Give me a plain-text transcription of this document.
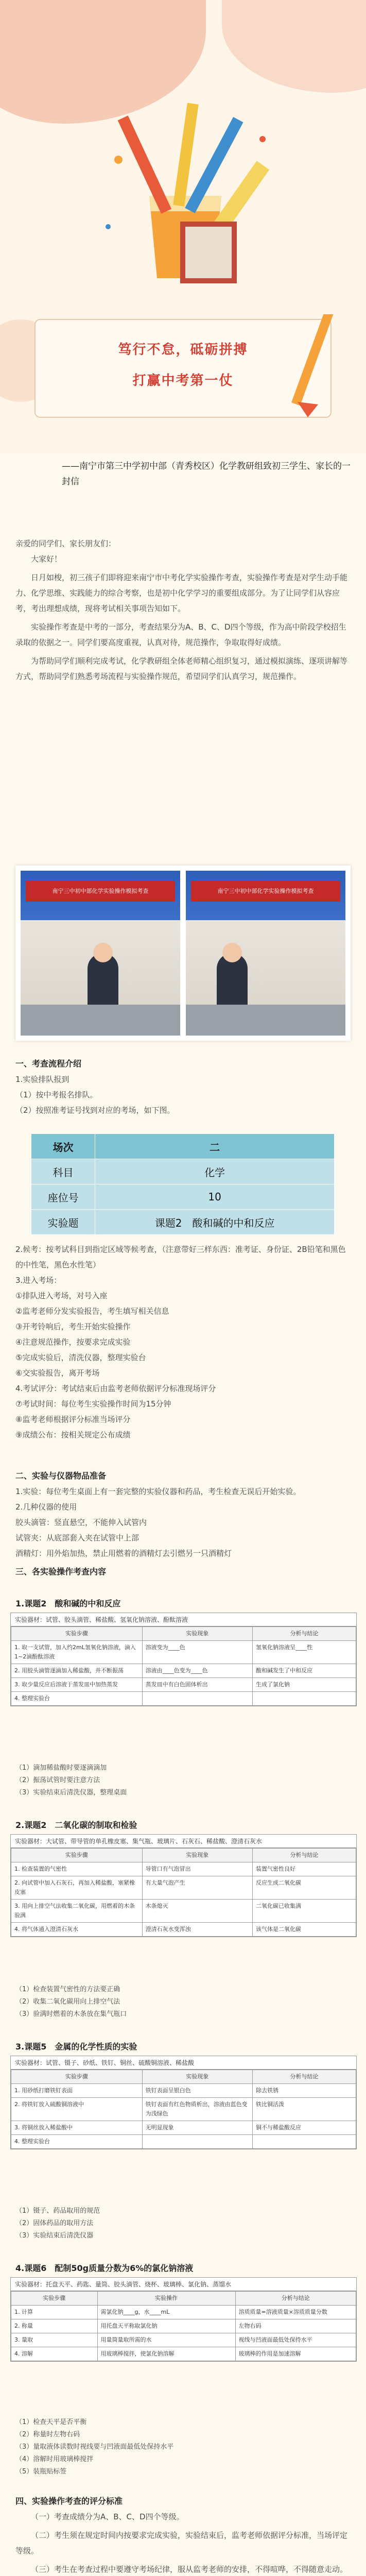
笃行不怠，砥砺拼搏
打赢中考第一仗

——南宁市第三中学初中部（青秀校区）化学教研组致初三学生、家长的一封信

亲爱的同学们、家长朋友们：

大家好！

日月如梭，初三孩子们即将迎来南宁市中考化学实验操作考查，实验操作考查是对学生动手能力、化学思维、实践能力的综合考察，也是初中化学学习的重要组成部分。为了让同学们从容应考，考出理想成绩，现将考试相关事项告知如下。

实验操作考查是中考的一部分，考查结果分为A、B、C、D四个等级，作为高中阶段学校招生录取的依据之一。同学们要高度重视，认真对待，规范操作，争取取得好成绩。

为帮助同学们顺利完成考试，化学教研组全体老师精心组织复习，通过模拟演练、逐项讲解等方式，帮助同学们熟悉考场流程与实验操作规范，希望同学们认真学习，规范操作。

南宁三中初中部化学实验操作模拟考查	南宁三中初中部化学实验操作模拟考查

一、考查流程介绍

1.实验排队报到

（1）按中考报名排队。

（2）按照准考证号找到对应的考场，如下图。

场次	二
科目	化学
座位号	10
实验题	课题2　酸和碱的中和反应

2.候考：按考试科目到指定区域等候考查，（注意带好三样东西：准考证、身份证、2B铅笔和黑色的中性笔，黑色水性笔）

3.进入考场：

①排队进入考场，对号入座

②监考老师分发实验报告，考生填写相关信息

③开考铃响后，考生开始实验操作

④注意规范操作，按要求完成实验

⑤完成实验后，清洗仪器，整理实验台

⑥交实验报告，离开考场

4.考试评分：考试结束后由监考老师依据评分标准现场评分

⑦考试时间：每位考生实验操作时间为15分钟

⑧监考老师根据评分标准当场评分

⑨成绩公布：按相关规定公布成绩

二、实验与仪器物品准备

1.实验：每位考生桌面上有一套完整的实验仪器和药品，考生检查无误后开始实验。

2.几种仪器的使用

胶头滴管：竖直悬空，不能伸入试管内

试管夹：从底部套入夹在试管中上部

酒精灯：用外焰加热，禁止用燃着的酒精灯去引燃另一只酒精灯

三、各实验操作考查内容

1.课题2　酸和碱的中和反应
实验器材：试管、胶头滴管、稀盐酸、氢氧化钠溶液、酚酞溶液
实验步骤	实验现象	分析与结论
1. 取一支试管，加入约2mL氢氧化钠溶液，滴入1~2滴酚酞溶液	溶液变为____色	氢氧化钠溶液呈____性
2. 用胶头滴管逐滴加入稀盐酸，并不断振荡	溶液由____色变为____色	酸和碱发生了中和反应
3. 取少量反应后溶液于蒸发皿中加热蒸发	蒸发皿中有白色固体析出	生成了氯化钠
4. 整理实验台		
（1）滴加稀盐酸时要逐滴滴加
（2）振荡试管时要注意方法
（3）实验结束后清洗仪器，整理桌面
2.课题2　二氧化碳的制取和检验
实验器材：大试管、带导管的单孔橡皮塞、集气瓶、玻璃片、石灰石、稀盐酸、澄清石灰水
实验步骤	实验现象	分析与结论
1. 检查装置的气密性	导管口有气泡冒出	装置气密性良好
2. 向试管中加入石灰石，再加入稀盐酸，塞紧橡皮塞	有大量气泡产生	反应生成二氧化碳
3. 用向上排空气法收集二氧化碳，用燃着的木条验满	木条熄灭	二氧化碳已收集满
4. 将气体通入澄清石灰水	澄清石灰水变浑浊	该气体是二氧化碳
（1）检查装置气密性的方法要正确
（2）收集二氧化碳用向上排空气法
（3）验满时燃着的木条放在集气瓶口
3.课题5　金属的化学性质的实验
实验器材：试管、镊子、砂纸、铁钉、铜丝、硫酸铜溶液、稀盐酸
实验步骤	实验现象	分析与结论
1. 用砂纸打磨铁钉表面	铁钉表面呈银白色	除去铁锈
2. 将铁钉放入硫酸铜溶液中	铁钉表面有红色物质析出，溶液由蓝色变为浅绿色	铁比铜活泼
3. 将铜丝放入稀盐酸中	无明显现象	铜不与稀盐酸反应
4. 整理实验台		
（1）镊子、药品取用的规范
（2）固体药品的取用方法
（3）实验结束后清洗仪器
4.课题6　配制50g质量分数为6%的氯化钠溶液
实验器材：托盘天平、药匙、量筒、胶头滴管、烧杯、玻璃棒、氯化钠、蒸馏水
实验步骤	实验操作	分析与结论
1. 计算	需氯化钠____g，水____mL	溶质质量=溶液质量×溶质质量分数
2. 称量	用托盘天平称取氯化钠	左物右码
3. 量取	用量筒量取所需的水	视线与凹液面最低处保持水平
4. 溶解	用玻璃棒搅拌，使氯化钠溶解	玻璃棒的作用是加速溶解
（1）检查天平是否平衡
（2）称量时左物右码
（3）量取液体读数时视线要与凹液面最低处保持水平
（4）溶解时用玻璃棒搅拌
（5）装瓶贴标签

四、实验操作考查的评分标准

（一）考查成绩分为A、B、C、D四个等级。

（二）考生须在规定时间内按要求完成实验，实验结束后，监考老师依据评分标准，当场评定等级。

（三）考生在考查过程中要遵守考场纪律，服从监考老师的安排，不得喧哗，不得随意走动。
